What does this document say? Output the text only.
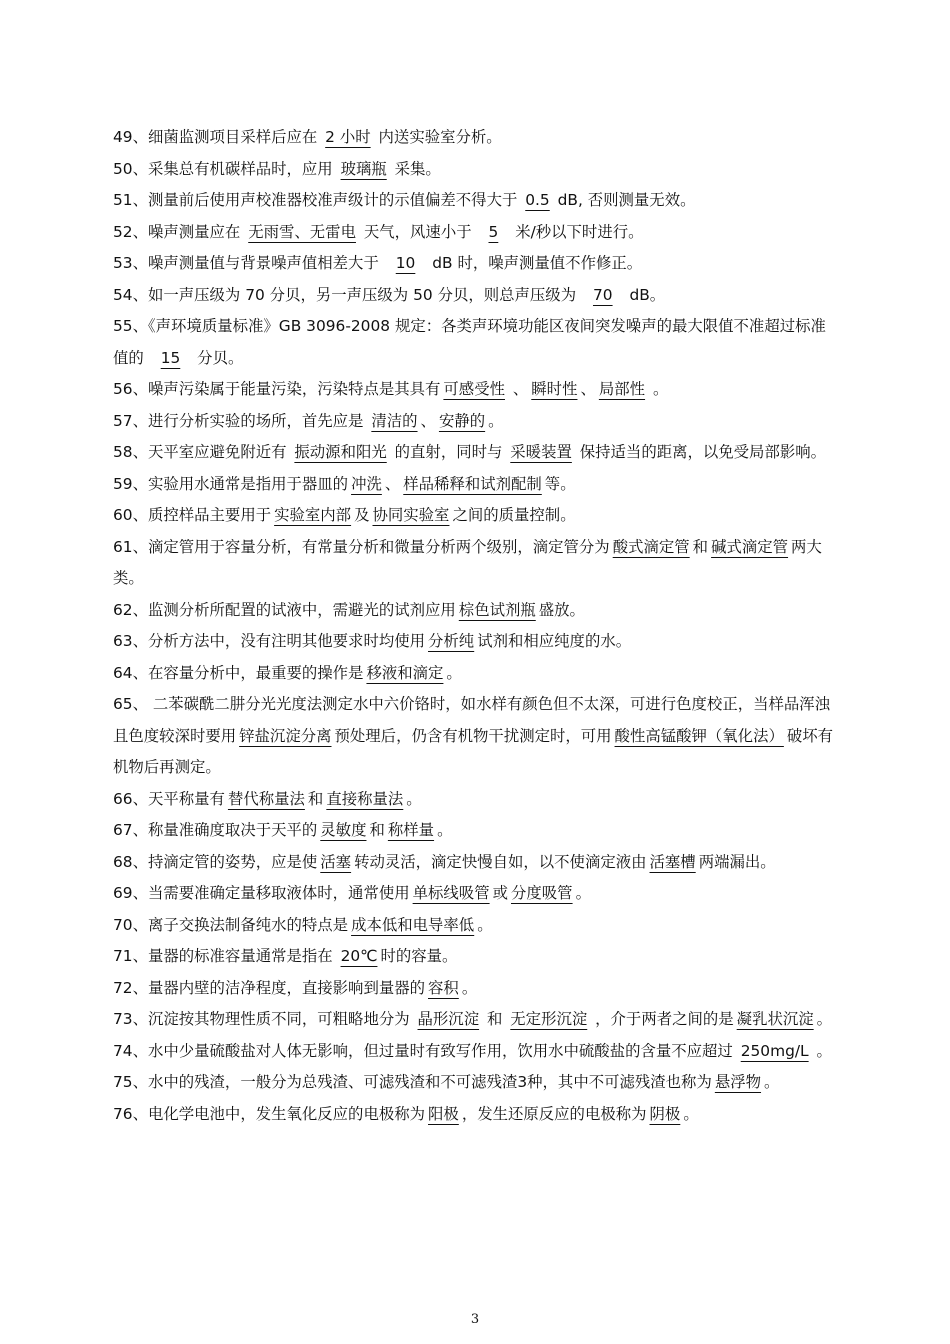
49、细菌监测项目采样后应在 2 小时 内送实验室分析。
50、采集总有机碳样品时，应用 玻璃瓶 采集。
51、测量前后使用声校准器校准声级计的示值偏差不得大于 0.5 dB, 否则测量无效。
52、噪声测量应在 无雨雪、无雷电 天气，风速小于 5 米/秒以下时进行。
53、噪声测量值与背景噪声值相差大于 10 dB 时，噪声测量值不作修正。
54、如一声压级为 70 分贝，另一声压级为 50 分贝，则总声压级为 70 dB。
55、《声环境质量标准》GB 3096-2008 规定：各类声环境功能区夜间突发噪声的最大限值不准超过标准值的 15 分贝。
56、噪声污染属于能量污染，污染特点是其具有 可感受性 、 瞬时性 、 局部性 。
57、进行分析实验的场所，首先应是 清洁的 、 安静的 。
58、天平室应避免附近有 振动源和阳光 的直射，同时与 采暖装置 保持适当的距离，以免受局部影响。
59、实验用水通常是指用于器皿的 冲洗 、 样品稀释和试剂配制 等。
60、质控样品主要用于 实验室内部 及 协同实验室 之间的质量控制。
61、滴定管用于容量分析，有常量分析和微量分析两个级别，滴定管分为 酸式滴定管 和 碱式滴定管 两大类。
62、监测分析所配置的试液中，需避光的试剂应用 棕色试剂瓶 盛放。
63、分析方法中，没有注明其他要求时均使用 分析纯 试剂和相应纯度的水。
64、在容量分析中，最重要的操作是 移液和滴定 。
65、 二苯碳酰二肼分光光度法测定水中六价铬时，如水样有颜色但不太深，可进行色度校正，当样品浑浊且色度较深时要用 锌盐沉淀分离 预处理后，仍含有机物干扰测定时，可用 酸性高锰酸钾（氧化法） 破坏有机物后再测定。
66、天平称量有 替代称量法 和 直接称量法 。
67、称量准确度取决于天平的 灵敏度 和 称样量 。
68、持滴定管的姿势，应是使 活塞 转动灵活，滴定快慢自如，以不使滴定液由 活塞槽 两端漏出。
69、当需要准确定量移取液体时，通常使用 单标线吸管 或 分度吸管 。
70、离子交换法制备纯水的特点是 成本低和电导率低 。
71、量器的标准容量通常是指在 20℃ 时的容量。
72、量器内壁的洁净程度，直接影响到量器的 容积 。
73、沉淀按其物理性质不同，可粗略地分为 晶形沉淀 和 无定形沉淀 ，介于两者之间的是 凝乳状沉淀 。
74、水中少量硫酸盐对人体无影响，但过量时有致写作用，饮用水中硫酸盐的含量不应超过 250mg/L 。
75、水中的残渣，一般分为总残渣、可滤残渣和不可滤残渣3种，其中不可滤残渣也称为 悬浮物 。
76、电化学电池中，发生氧化反应的电极称为 阳极 ，发生还原反应的电极称为 阴极 。
3
